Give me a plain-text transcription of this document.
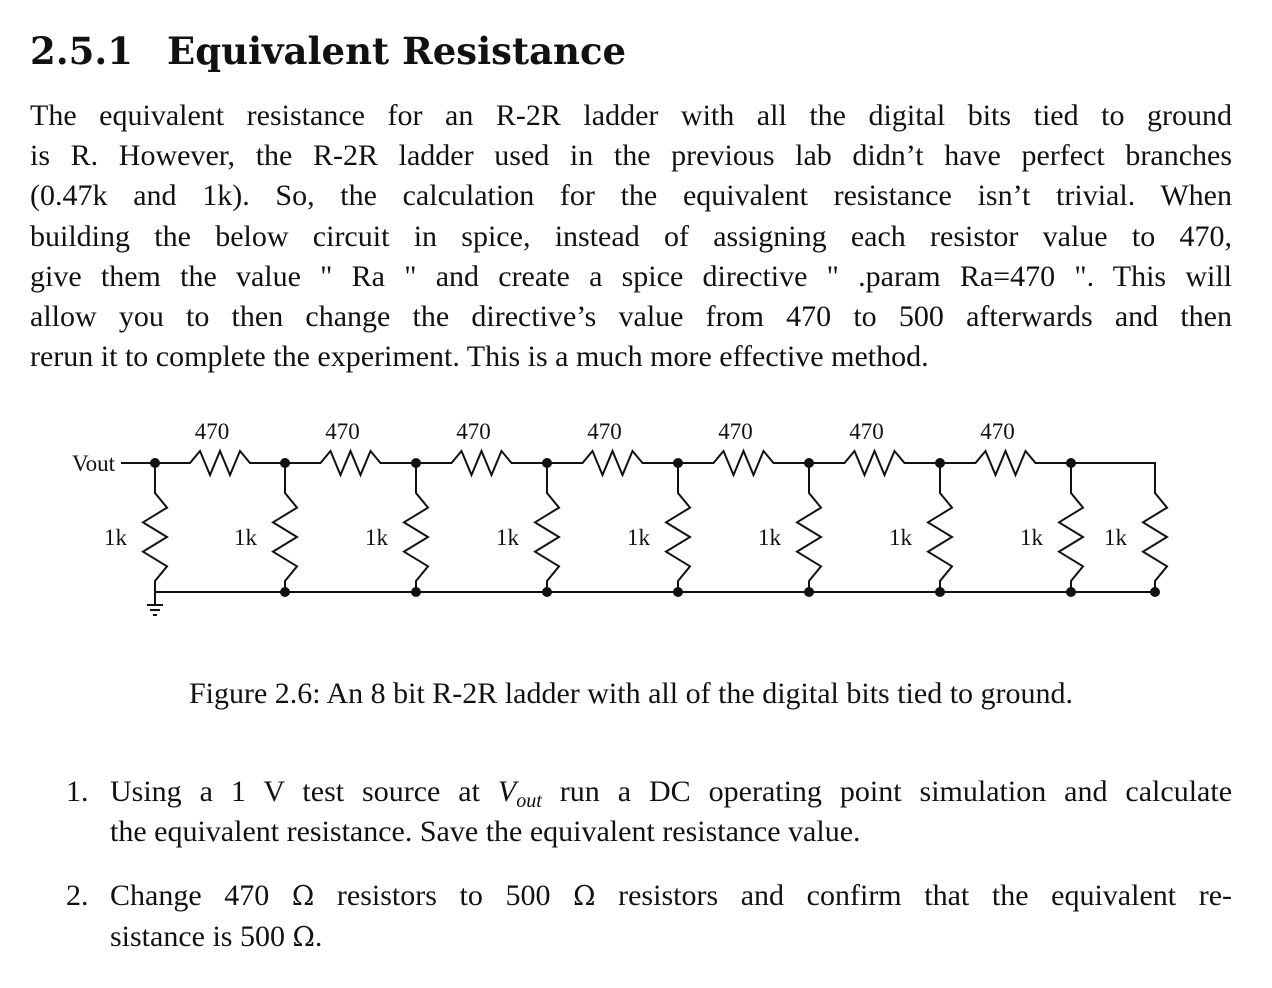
2.5.1 Equivalent Resistance

The equivalent resistance for an R-2R ladder with all the digital bits tied to ground
is R. However, the R-2R ladder used in the previous lab didn’t have perfect branches
(0.47k and 1k). So, the calculation for the equivalent resistance isn’t trivial. When
building the below circuit in spice, instead of assigning each resistor value to 470,
give them the value " Ra " and create a spice directive " .param Ra=470 ". This will
allow you to then change the directive’s value from 470 to 500 afterwards and then
rerun it to complete the experiment. This is a much more effective method.

470	470	470	470	470	470	470
Vout
1k	1k	1k	1k	1k	1k	1k	1k	1k

Figure 2.6: An 8 bit R-2R ladder with all of the digital bits tied to ground.

1. Using a 1 V test source at $V_{out}$ run a DC operating point simulation and calculate
the equivalent resistance. Save the equivalent resistance value.
2. Change 470 Ω resistors to 500 Ω resistors and confirm that the equivalent re-
sistance is 500 Ω.
